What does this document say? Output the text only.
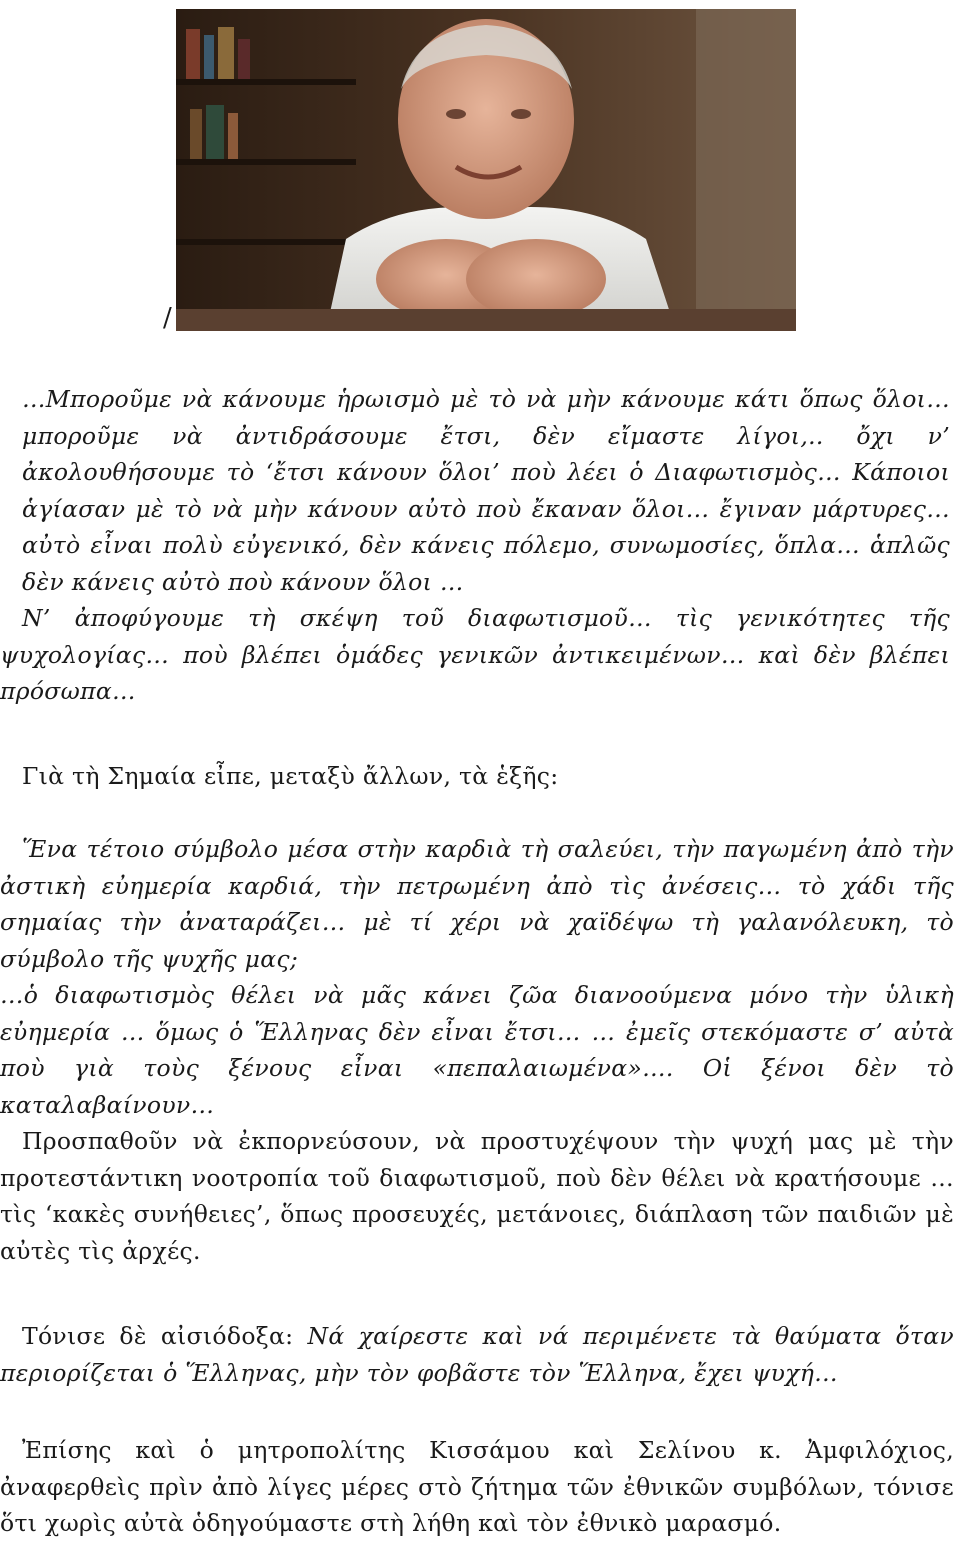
/

…Μποροῦμε νὰ κάνουμε ἡρωισμὸ μὲ τὸ νὰ μὴν κάνουμε κάτι ὅπως ὅλοι… μποροῦμε νὰ ἀντιδράσουμε ἔτσι, δὲν εἴμαστε λίγοι,.. ὄχι ν’ ἀκολουθήσουμε τὸ ‘ἔτσι κάνουν ὅλοι’ ποὺ λέει ὁ Διαφωτισμὸς… Κάποιοι ἁγίασαν μὲ τὸ νὰ μὴν κάνουν αὐτὸ ποὺ ἔκαναν ὅλοι… ἔγιναν μάρτυρες… αὐτὸ εἶναι πολὺ εὐγενικό, δὲν κάνεις πόλεμο, συνωμοσίες, ὅπλα… ἁπλῶς δὲν κάνεις αὐτὸ ποὺ κάνουν ὅλοι …

Ν’ ἀποφύγουμε τὴ σκέψη τοῦ διαφωτισμοῦ… τὶς γενικότητες τῆς ψυχολογίας… ποὺ βλέπει ὁμάδες γενικῶν ἀντικειμένων… καὶ δὲν βλέπει πρόσωπα…

Γιὰ τὴ Σημαία εἶπε, μεταξὺ ἄλλων, τὰ ἑξῆς:

Ἕνα τέτοιο σύμβολο μέσα στὴν καρδιὰ τὴ σαλεύει, τὴν παγωμένη ἀπὸ τὴν ἀστικὴ εὐημερία καρδιά, τὴν πετρωμένη ἀπὸ τὶς ἀνέσεις… τὸ χάδι τῆς σημαίας τὴν ἀναταράζει… μὲ τί χέρι νὰ χαϊδέψω τὴ γαλανόλευκη, τὸ σύμβολο τῆς ψυχῆς μας;

…ὁ διαφωτισμὸς θέλει νὰ μᾶς κάνει ζῶα διανοούμενα μόνο τὴν ὑλικὴ εὐημερία … ὅμως ὁ Ἕλληνας δὲν εἶναι ἔτσι… … ἐμεῖς στεκόμαστε σ’ αὐτὰ ποὺ γιὰ τοὺς ξένους εἶναι «πεπαλαιωμένα»…. Οἱ ξένοι δὲν τὸ καταλαβαίνουν…

Προσπαθοῦν νὰ ἐκπορνεύσουν, νὰ προστυχέψουν τὴν ψυχή μας μὲ τὴν προτεστάντικη νοοτροπία τοῦ διαφωτισμοῦ, ποὺ δὲν θέλει νὰ κρατήσουμε …τὶς ‘κακὲς συνήθειες’, ὅπως προσευχές, μετάνοιες, διάπλαση τῶν παιδιῶν μὲ αὐτὲς τὶς ἀρχές.

Τόνισε δὲ αἰσιόδοξα: Νά χαίρεστε καὶ νά περιμένετε τὰ θαύματα ὅταν περιορίζεται ὁ Ἕλληνας, μὴν τὸν φοβᾶστε τὸν Ἕλληνα, ἔχει ψυχή…

Ἐπίσης καὶ ὁ μητροπολίτης Κισσάμου καὶ Σελίνου κ. Ἀμφιλόχιος, ἀναφερθεὶς πρὶν ἀπὸ λίγες μέρες στὸ ζήτημα τῶν ἐθνικῶν συμβόλων, τόνισε ὅτι χωρὶς αὐτὰ ὁδηγούμαστε στὴ λήθη καὶ τὸν ἐθνικὸ μαρασμό.
